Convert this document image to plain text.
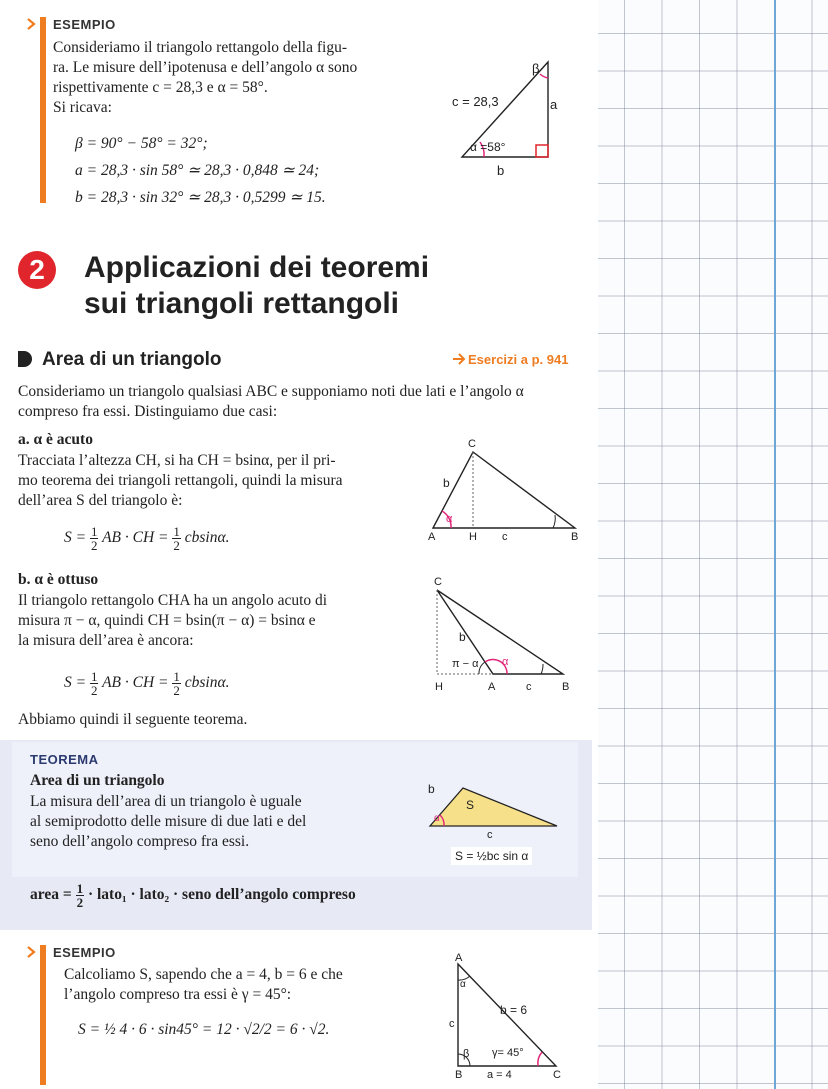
ESEMPIO
Consideriamo il triangolo rettangolo della figu-
ra. Le misure dell’ipotenusa e dell’angolo α sono
rispettivamente c = 28,3 e α = 58°.
Si ricava:
β = 90° − 58° = 32°;
a = 28,3 · sin 58° ≃ 28,3 · 0,848 ≃ 24;
b = 28,3 · sin 32° ≃ 28,3 · 0,5299 ≃ 15.
β
c = 28,3	a
α =58°
b
2	Applicazioni dei teoremi
sui triangoli rettangoli
Area di un triangolo	Esercizi a p. 941
Consideriamo un triangolo qualsiasi ABC e supponiamo noti due lati e l’angolo α
compreso fra essi. Distinguiamo due casi:
a. α è acuto
Tracciata l’altezza CH, si ha CH = bsinα, per il pri-
mo teorema dei triangoli rettangoli, quindi la misura
dell’area S del triangolo è:
$S = \frac{1}{2}$ AB · CH = $\frac{1}{2} cbsin\alpha$.
C
b
α
A	H c	B
b. α è ottuso
Il triangolo rettangolo CHA ha un angolo acuto di
misura π − α, quindi CH = bsin(π − α) = bsinα e
la misura dell’area è ancora:
$S = \frac{1}{2}$ AB · CH = $\frac{1}{2} cbsin\alpha$.
C
b
π − α α
H	A	c	B
Abbiamo quindi il seguente teorema.
TEOREMA
Area di un triangolo
La misura dell’area di un triangolo è uguale
al semiprodotto delle misure di due lati e del
seno dell’angolo compreso fra essi.
b
S
α
c
S = ½bc sin α
area = $\frac{1}{2}$ · lato₁ · lato₂ · seno dell’angolo compreso
ESEMPIO
Calcoliamo S, sapendo che a = 4, b = 6 e che
l’angolo compreso tra essi è γ = 45°:
S = ½ 4 · 6 · sin45° = 12 · √2/2 = 6 · √2.
A
α
b = 6
c
β γ= 45°
B a = 4	C
